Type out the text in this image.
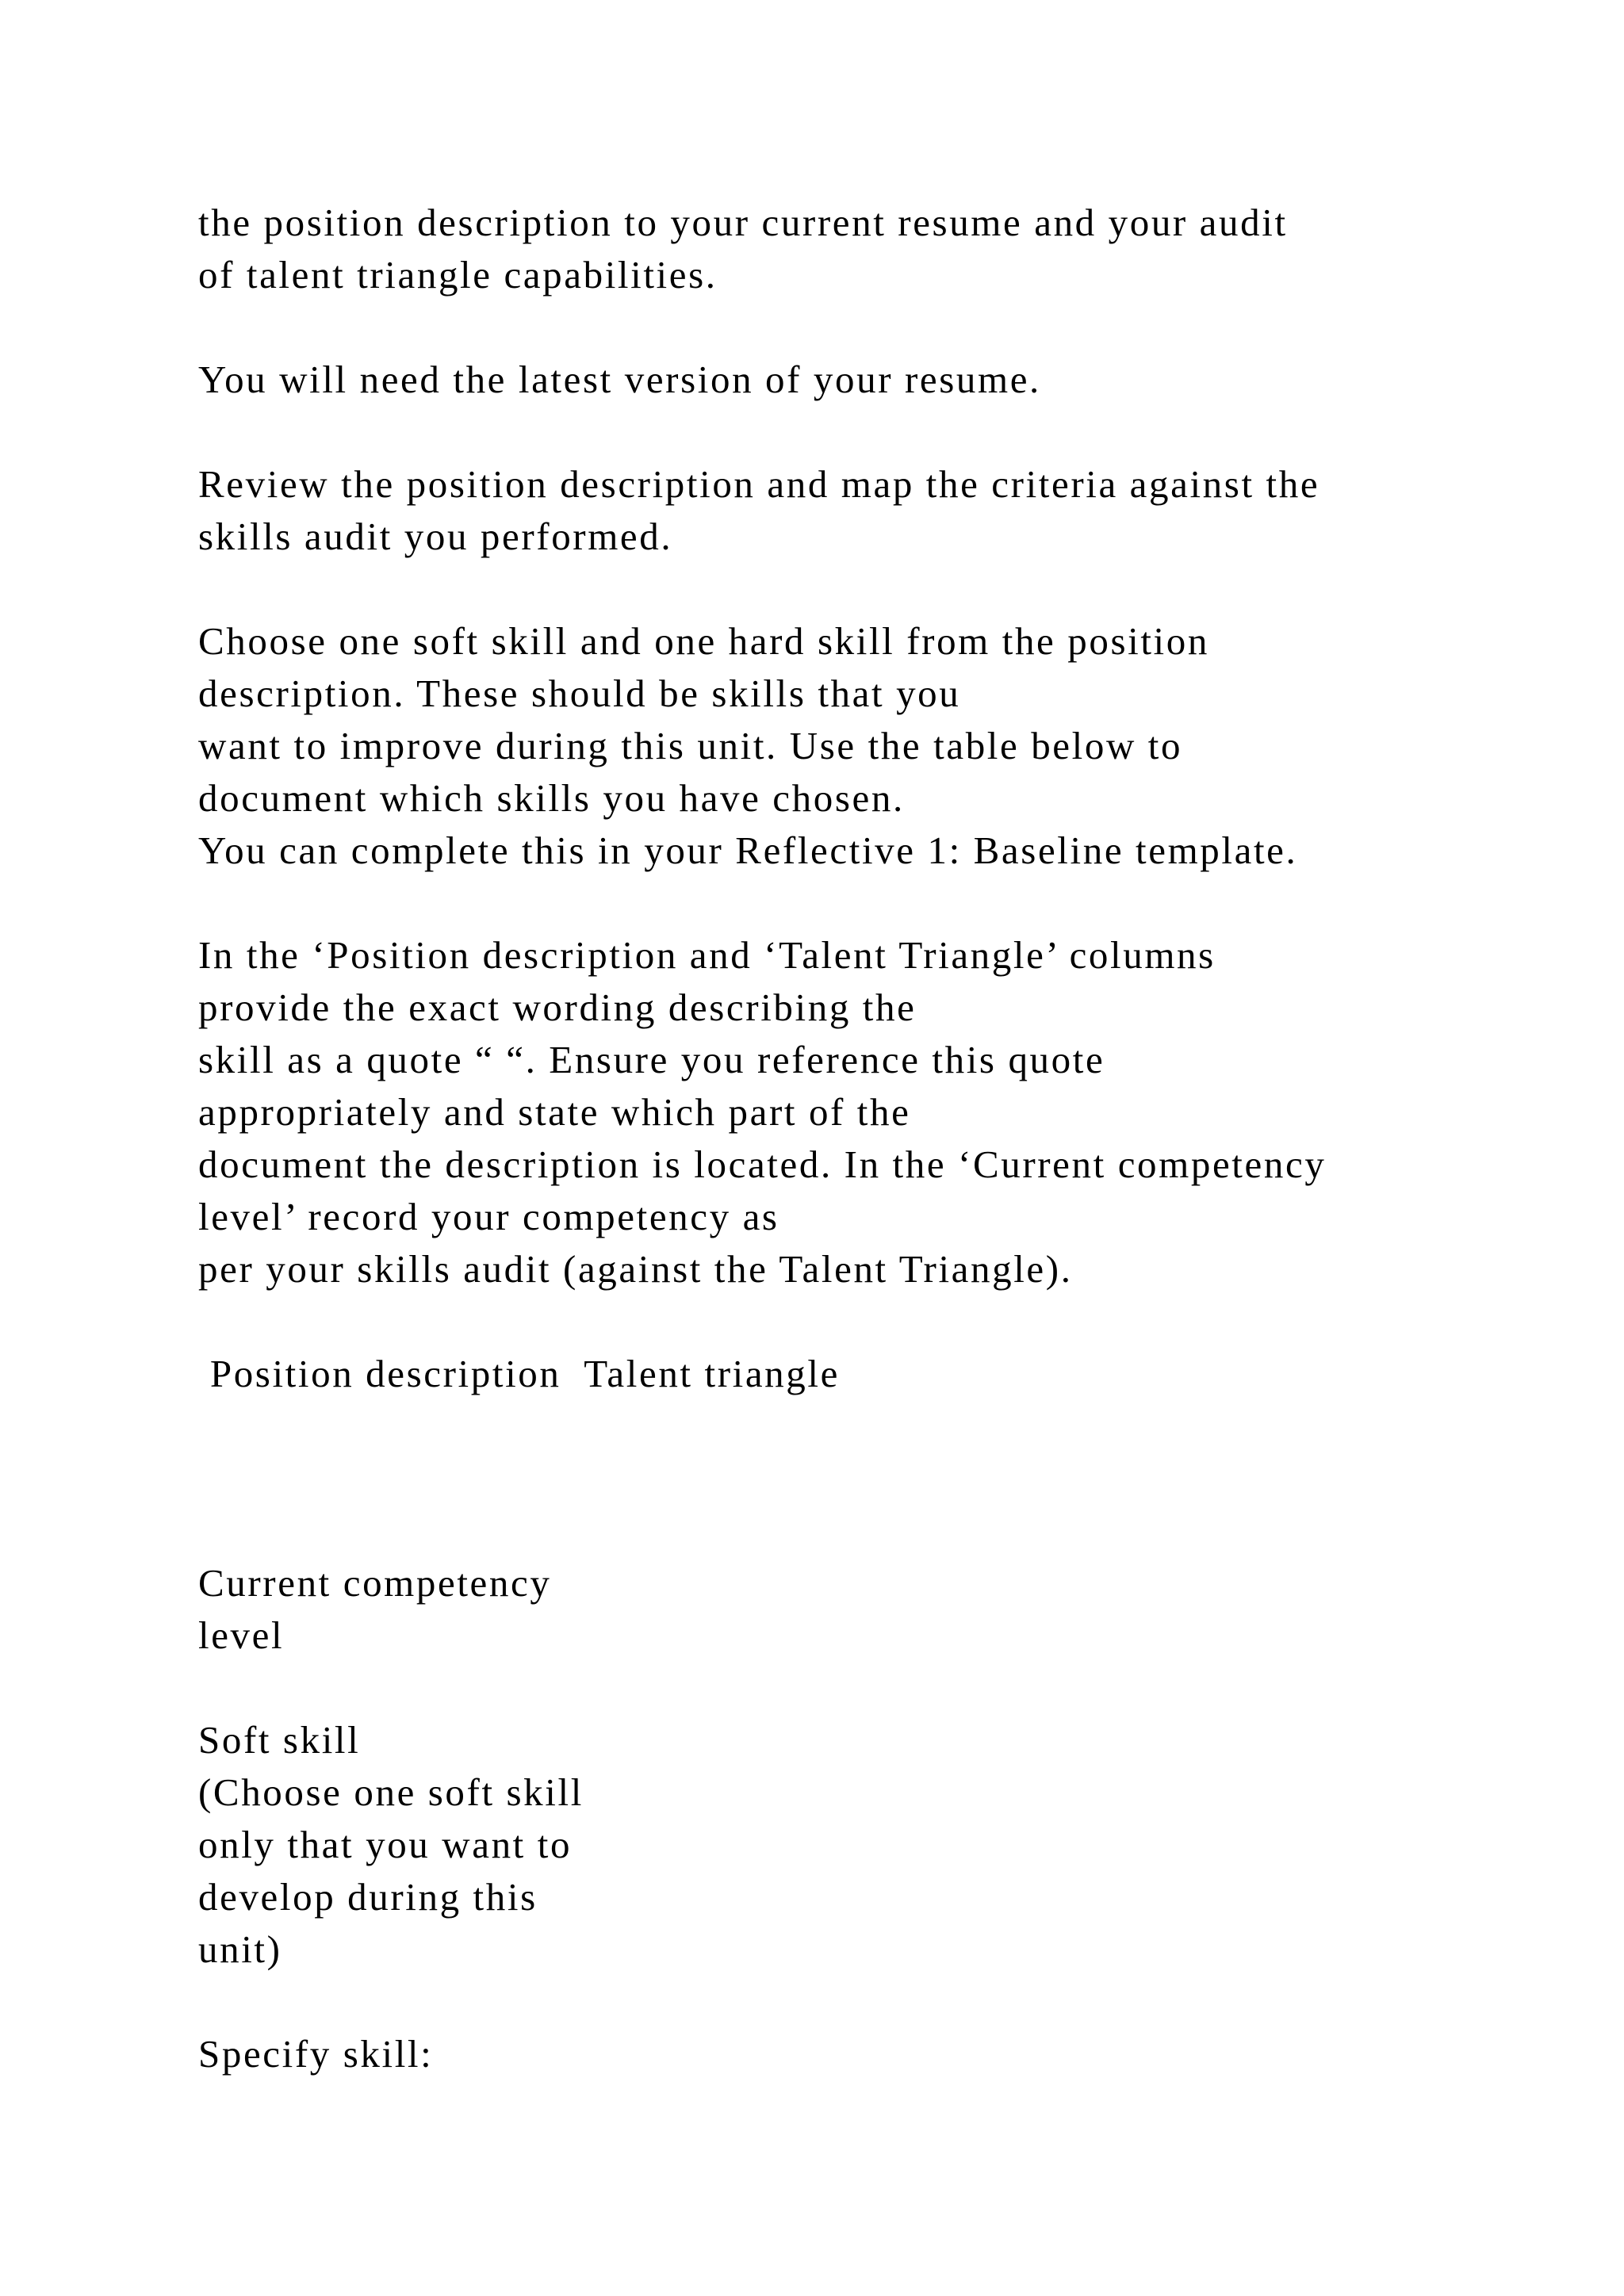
the position description to your current resume and your audit
of talent triangle capabilities.
You will need the latest version of your resume.
Review the position description and map the criteria against the
skills audit you performed.
Choose one soft skill and one hard skill from the position
description. These should be skills that you
want to improve during this unit. Use the table below to
document which skills you have chosen.
You can complete this in your Reflective 1: Baseline template.
In the ‘Position description and ‘Talent Triangle’ columns
provide the exact wording describing the
skill as a quote “ “. Ensure you reference this quote
appropriately and state which part of the
document the description is located. In the ‘Current competency
level’ record your competency as
per your skills audit (against the Talent Triangle).
Position description  Talent triangle
Current competency
level
Soft skill
(Choose one soft skill
only that you want to
develop during this
unit)
Specify skill:
